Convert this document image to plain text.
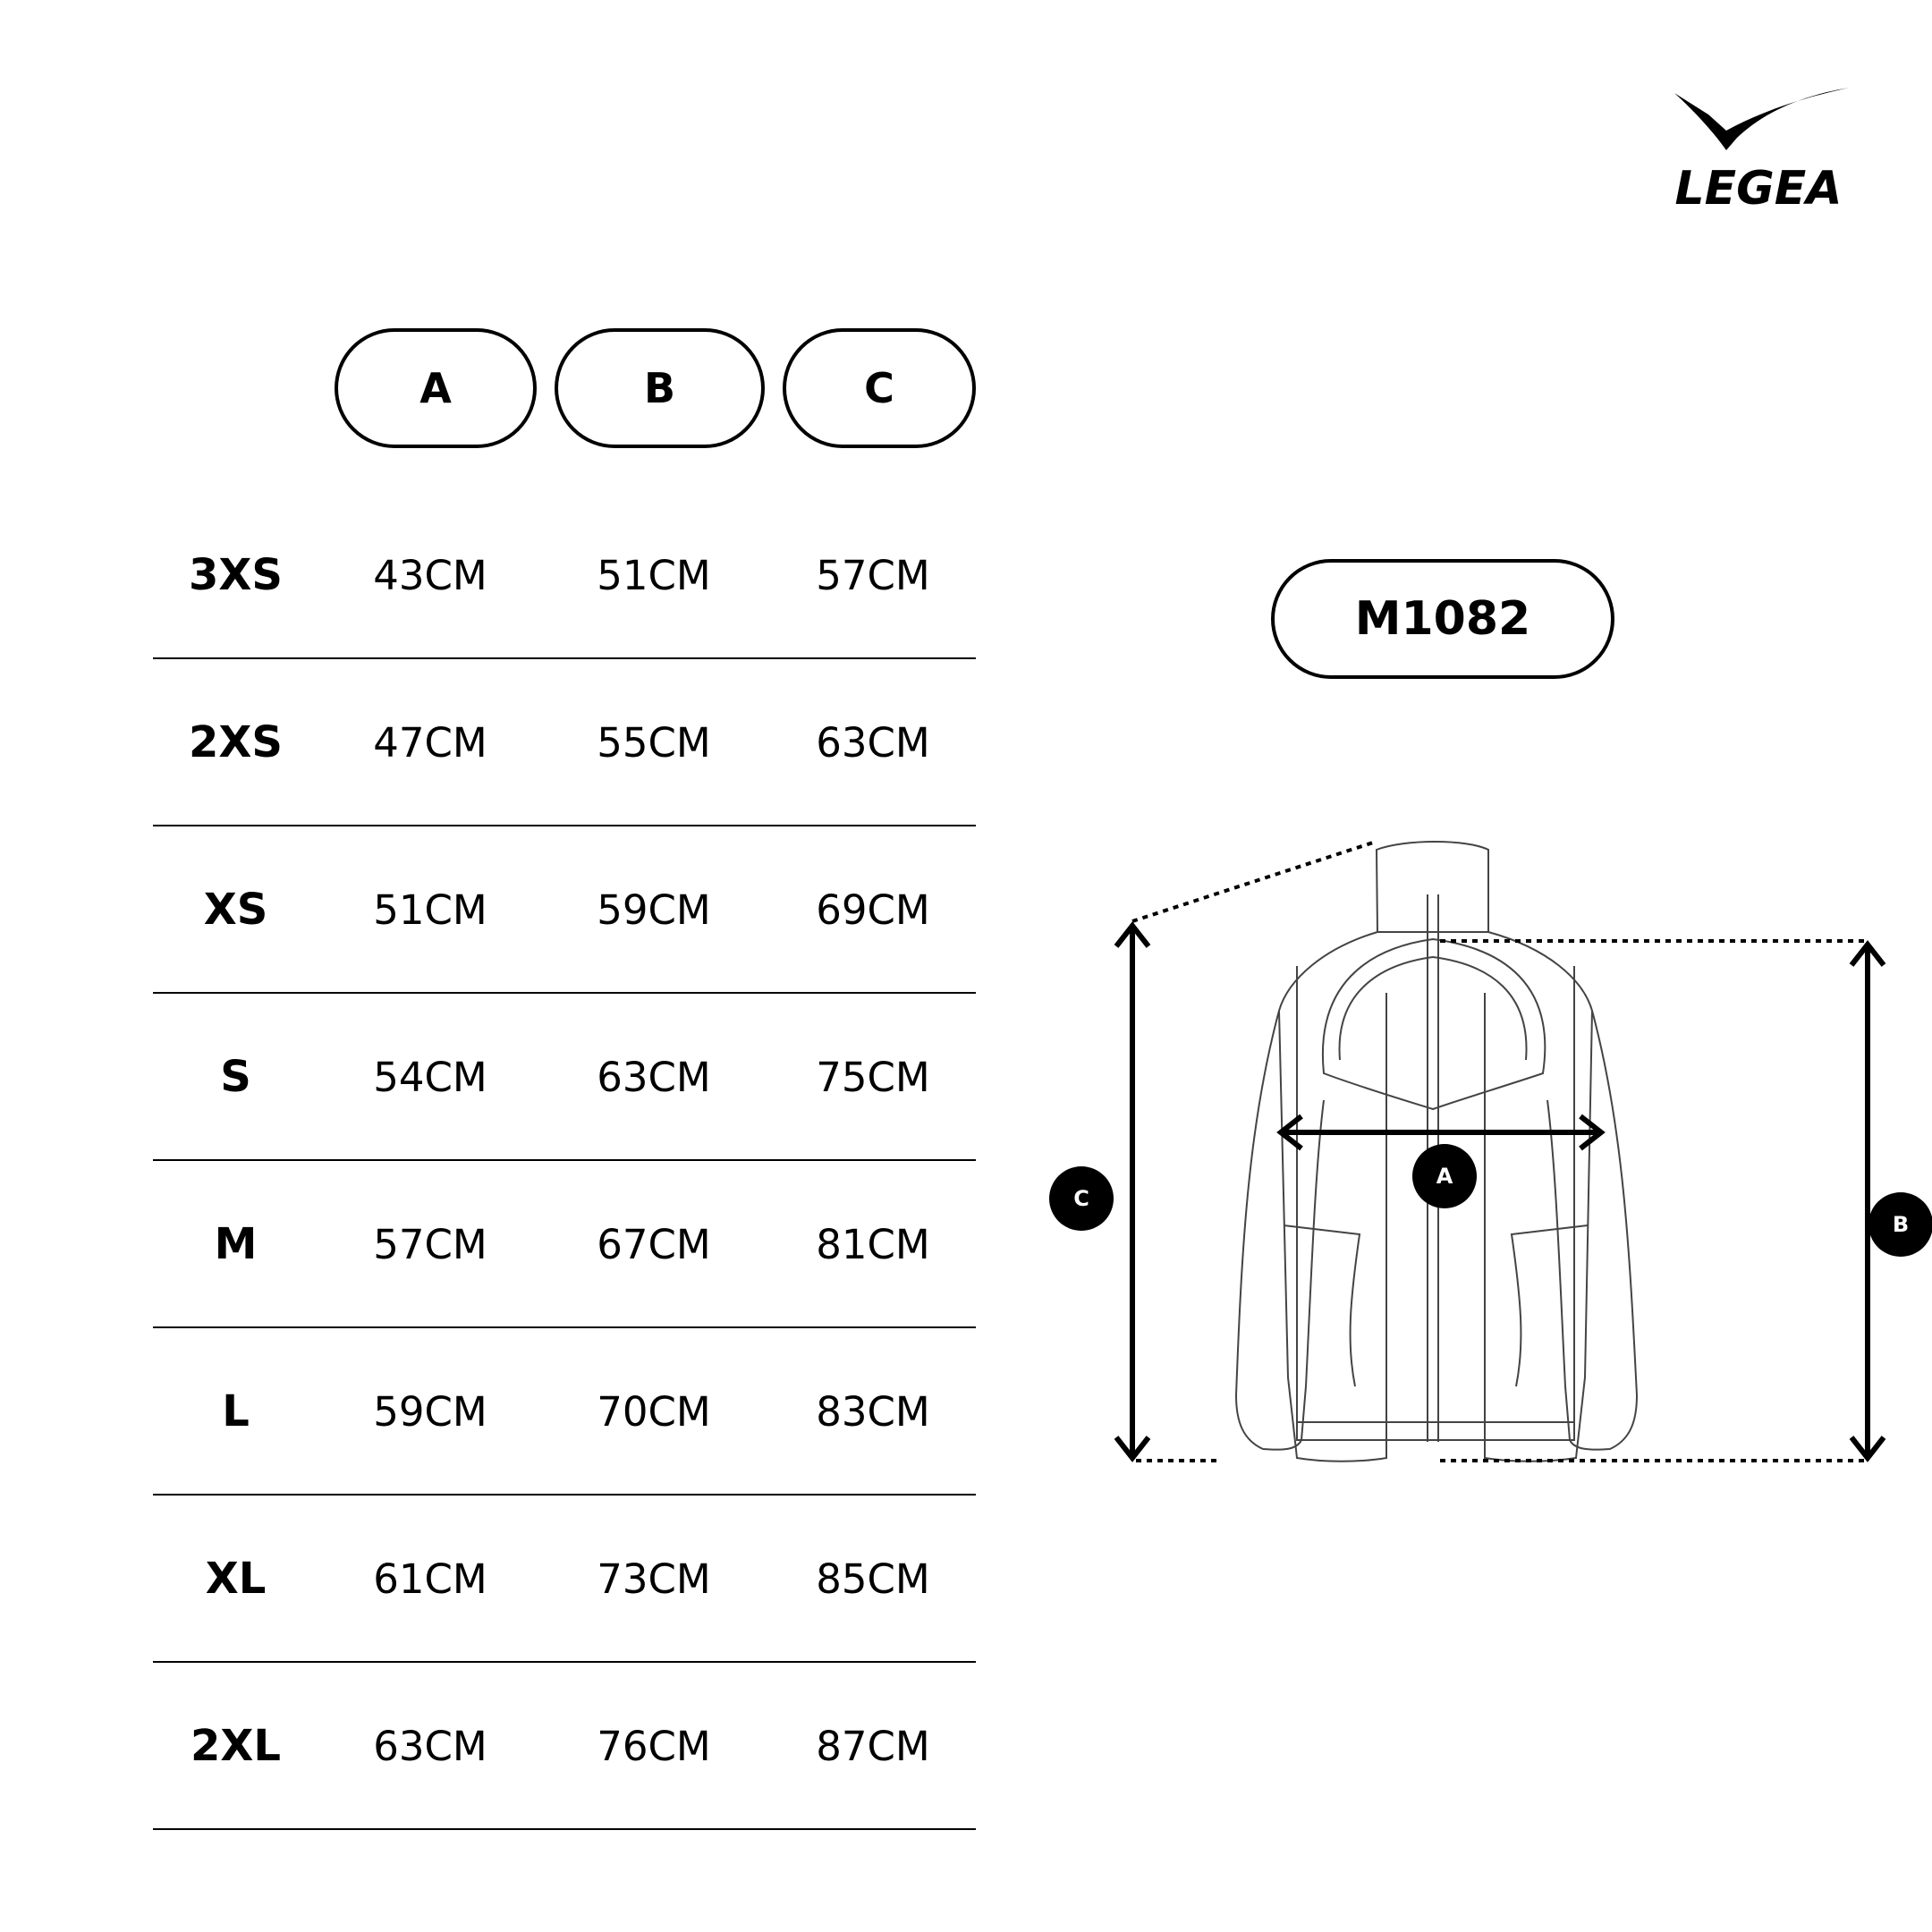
LEGEA
A	B	C
3XS	43CM	51CM	57CM
2XS	47CM	55CM	63CM
XS	51CM	59CM	69CM
S	54CM	63CM	75CM
M	57CM	67CM	81CM
L	59CM	70CM	83CM
XL	61CM	73CM	85CM
2XL	63CM	76CM	87CM
M1082
A
B
C
